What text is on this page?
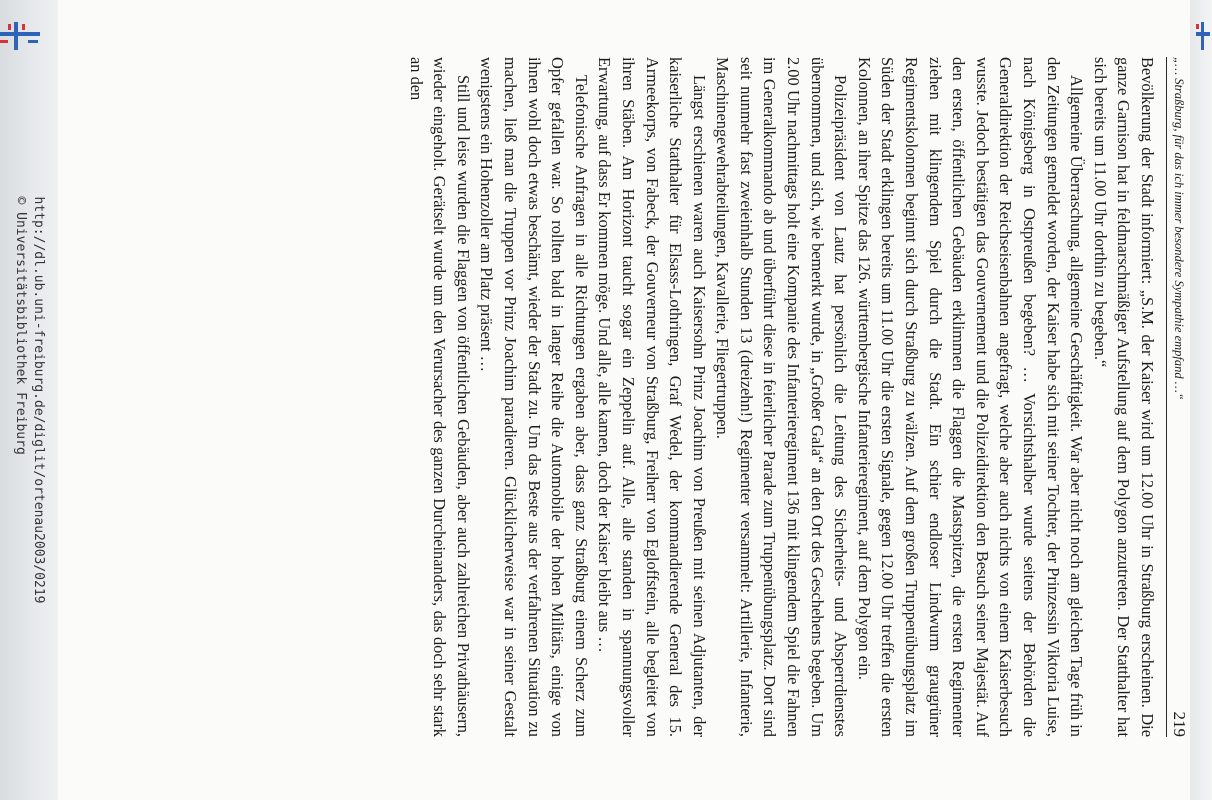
http://dl.ub.uni-freiburg.de/diglit/ortenau2003/0219
© Universitätsbibliothek Freiburg	„… Straßburg, für das ich immer besondere Sympathie empfand …“
219

Bevölkerung der Stadt informiert: „S.M. der Kaiser wird um 12.00 Uhr in Straßburg erscheinen. Die ganze Garnison hat in feldmarschmäßiger Aufstellung auf dem Polygon anzutreten. Der Statthalter hat sich bereits um 11.00 Uhr dorthin zu begeben.“

Allgemeine Überraschung, allgemeine Geschäftigkeit. War aber nicht noch am gleichen Tage früh in den Zeitungen gemeldet worden, der Kaiser habe sich mit seiner Tochter, der Prinzessin Viktoria Luise, nach Königsberg in Ostpreußen begeben? … Vorsichtshalber wurde seitens der Behörden die Generaldirektion der Reichseisenbahnen angefragt, welche aber auch nichts von einem Kaiserbesuch wusste. Jedoch bestätigen das Gouvernement und die Polizeidirektion den Besuch seiner Majestät. Auf den ersten, öffentlichen Gebäuden erklimmen die Flaggen die Mastspitzen, die ersten Regimenter ziehen mit klingendem Spiel durch die Stadt. Ein schier endloser Lindwurm graugrüner Regimentskolonnen beginnt sich durch Straßburg zu wälzen. Auf dem großen Truppenübungsplatz im Süden der Stadt erklingen bereits um 11.00 Uhr die ersten Signale, gegen 12.00 Uhr treffen die ersten Kolonnen, an ihrer Spitze das 126. württembergische Infanterieregiment, auf dem Polygon ein.

Polizeipräsident von Lautz hat persönlich die Leitung des Sicherheits- und Absperrdienstes übernommen, und sich, wie bemerkt wurde, in „Großer Gala“ an den Ort des Geschehens begeben. Um 2.00 Uhr nachmittags holt eine Kompanie des Infanterieregiment 136 mit klingendem Spiel die Fahnen im Generalkommando ab und überführt diese in feierlicher Parade zum Truppenübungsplatz. Dort sind seit nunmehr fast zweieinhalb Stunden 13 (dreizehn!) Regimenter versammelt: Artillerie, Infanterie, Maschinengewehrabteilungen, Kavallerie, Fliegertruppen.

Längst erschienen waren auch Kaisersohn Prinz Joachim von Preußen mit seinen Adjutanten, der kaiserliche Statthalter für Elsass-Lothringen, Graf Wedel, der kommandierende General des 15. Armeekorps, von Fabeck, der Gouverneur von Straßburg, Freiherr von Egloffstein, alle begleitet von ihren Stäben. Am Horizont taucht sogar ein Zeppelin auf. Alle, alle standen in spannungsvoller Erwartung, auf dass Er kommen möge. Und alle, alle kamen, doch der Kaiser bleibt aus …

Telefonische Anfragen in alle Richtungen ergaben aber, dass ganz Straßburg einem Scherz zum Opfer gefallen war. So rollten bald in langer Reihe die Automobile der hohen Militärs, einige von ihnen wohl doch etwas beschämt, wieder der Stadt zu. Um das Beste aus der verfahrenen Situation zu machen, ließ man die Truppen vor Prinz Joachim paradieren. Glücklicherweise war in seiner Gestalt wenigstens ein Hohenzoller am Platz präsent …

Still und leise wurden die Flaggen von öffentlichen Gebäuden, aber auch zahlreichen Privathäusern, wieder eingeholt. Gerätselt wurde um den Verursacher des ganzen Durcheinanders, das doch sehr stark an den
